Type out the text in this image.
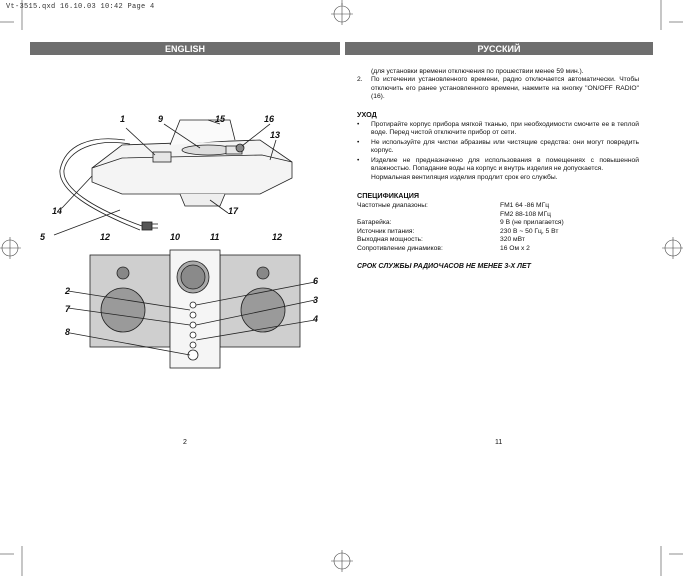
Vt-3515.qxd 16.10.03 10:42 Page 4
ENGLISH	РУССКИЙ
1	9	15	16
13
14	17
5	12	10	11	12
2
7
8
6
3
4

(для установки времени отключения по прошествии менее 59 мин.).

2.	По истечении установленного времени, радио отключается автоматически. Чтобы отключить его ранее установленного времени, нажмите на кнопку "ON/OFF RADIO" (16).
УХОД
•	Протирайте корпус прибора мягкой тканью, при необходимости смочите ее в теплой воде. Перед чистой отключите прибор от сети.
•	Не используйте для чистки абразивы или чистящие средства: они могут повредить корпус.
•	Изделие не предназначено для использования в помещениях с повышенной влажностью. Попадание воды на корпус и внутрь изделия не допускается.

Нормальная вентиляция изделия продлит срок его службы.

СПЕЦИФИКАЦИЯ
Частотные диапазоны:	FM1 64 -86 МГц
FM2 88-108 МГц
Батарейка:	9 В (не прилагается)
Источник питания:	230 В ~ 50 Гц, 5 Вт
Выходная мощность:	320 мВт
Сопротивление динамиков:	16 Ом х 2
СРОК СЛУЖБЫ РАДИОЧАСОВ НЕ МЕНЕЕ 3-Х ЛЕТ
2	11
